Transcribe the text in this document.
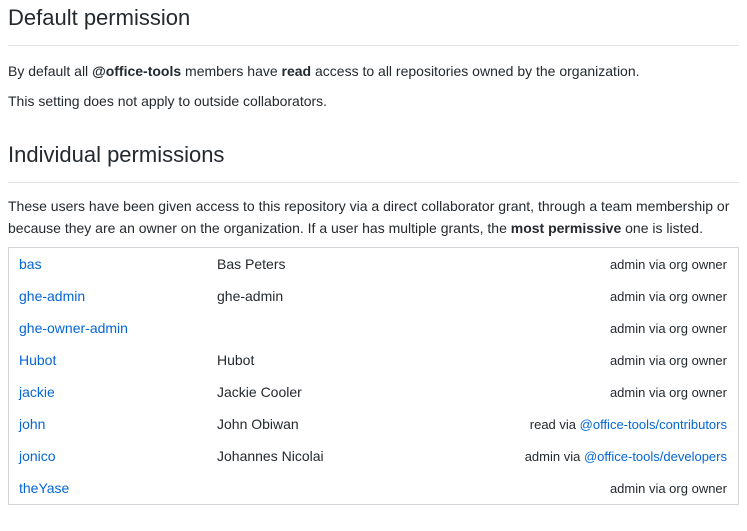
Default permission

By default all @office-tools members have read access to all repositories owned by the organization.

This setting does not apply to outside collaborators.

Individual permissions

These users have been given access to this repository via a direct collaborator grant, through a team membership or because they are an owner on the organization. If a user has multiple grants, the most permissive one is listed.

bas	Bas Peters	admin via org owner
ghe-admin	ghe-admin	admin via org owner
ghe-owner-admin		admin via org owner
Hubot	Hubot	admin via org owner
jackie	Jackie Cooler	admin via org owner
john	John Obiwan	read via @office-tools/contributors
jonico	Johannes Nicolai	admin via @office-tools/developers
theYase		admin via org owner
